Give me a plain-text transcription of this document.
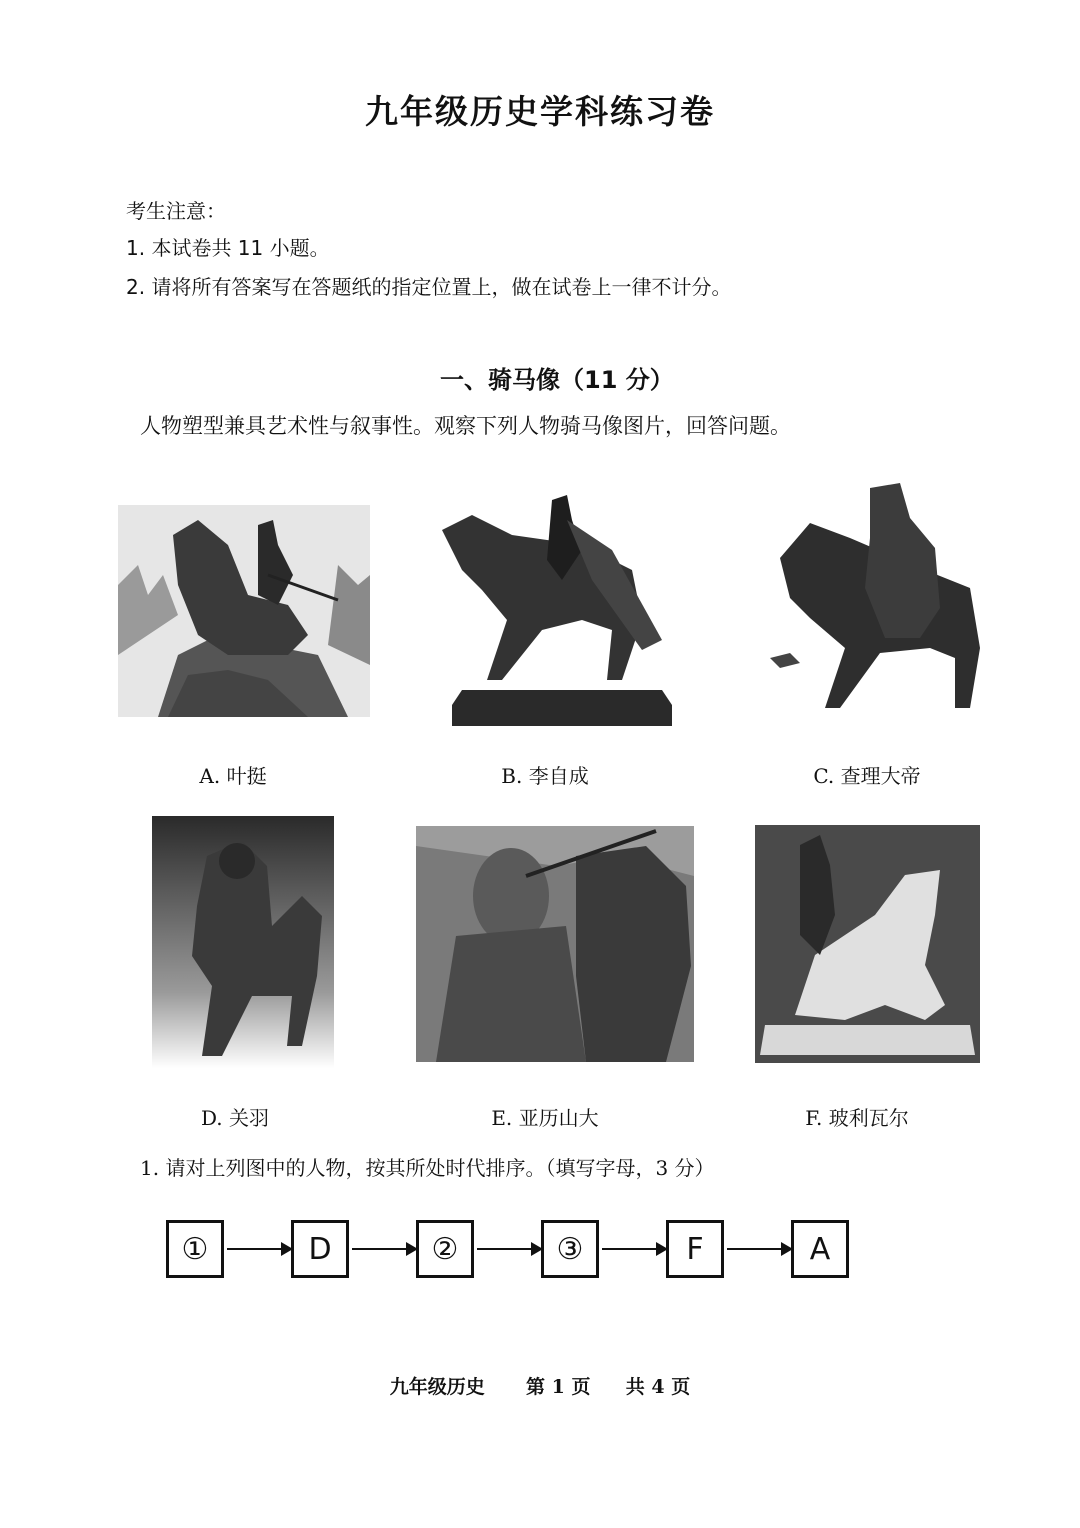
九年级历史学科练习卷
考生注意：
1. 本试卷共 11 小题。
2. 请将所有答案写在答题纸的指定位置上，做在试卷上一律不计分。
一、骑马像（11 分）
人物塑型兼具艺术性与叙事性。观察下列人物骑马像图片，回答问题。
A. 叶挺	B. 李自成	C. 查理大帝
D. 关羽	E. 亚历山大	F. 玻利瓦尔
1. 请对上列图中的人物，按其所处时代排序。（填写字母，3 分）
①	D	②	③	F	A
九年级历史 第 1 页 共 4 页
